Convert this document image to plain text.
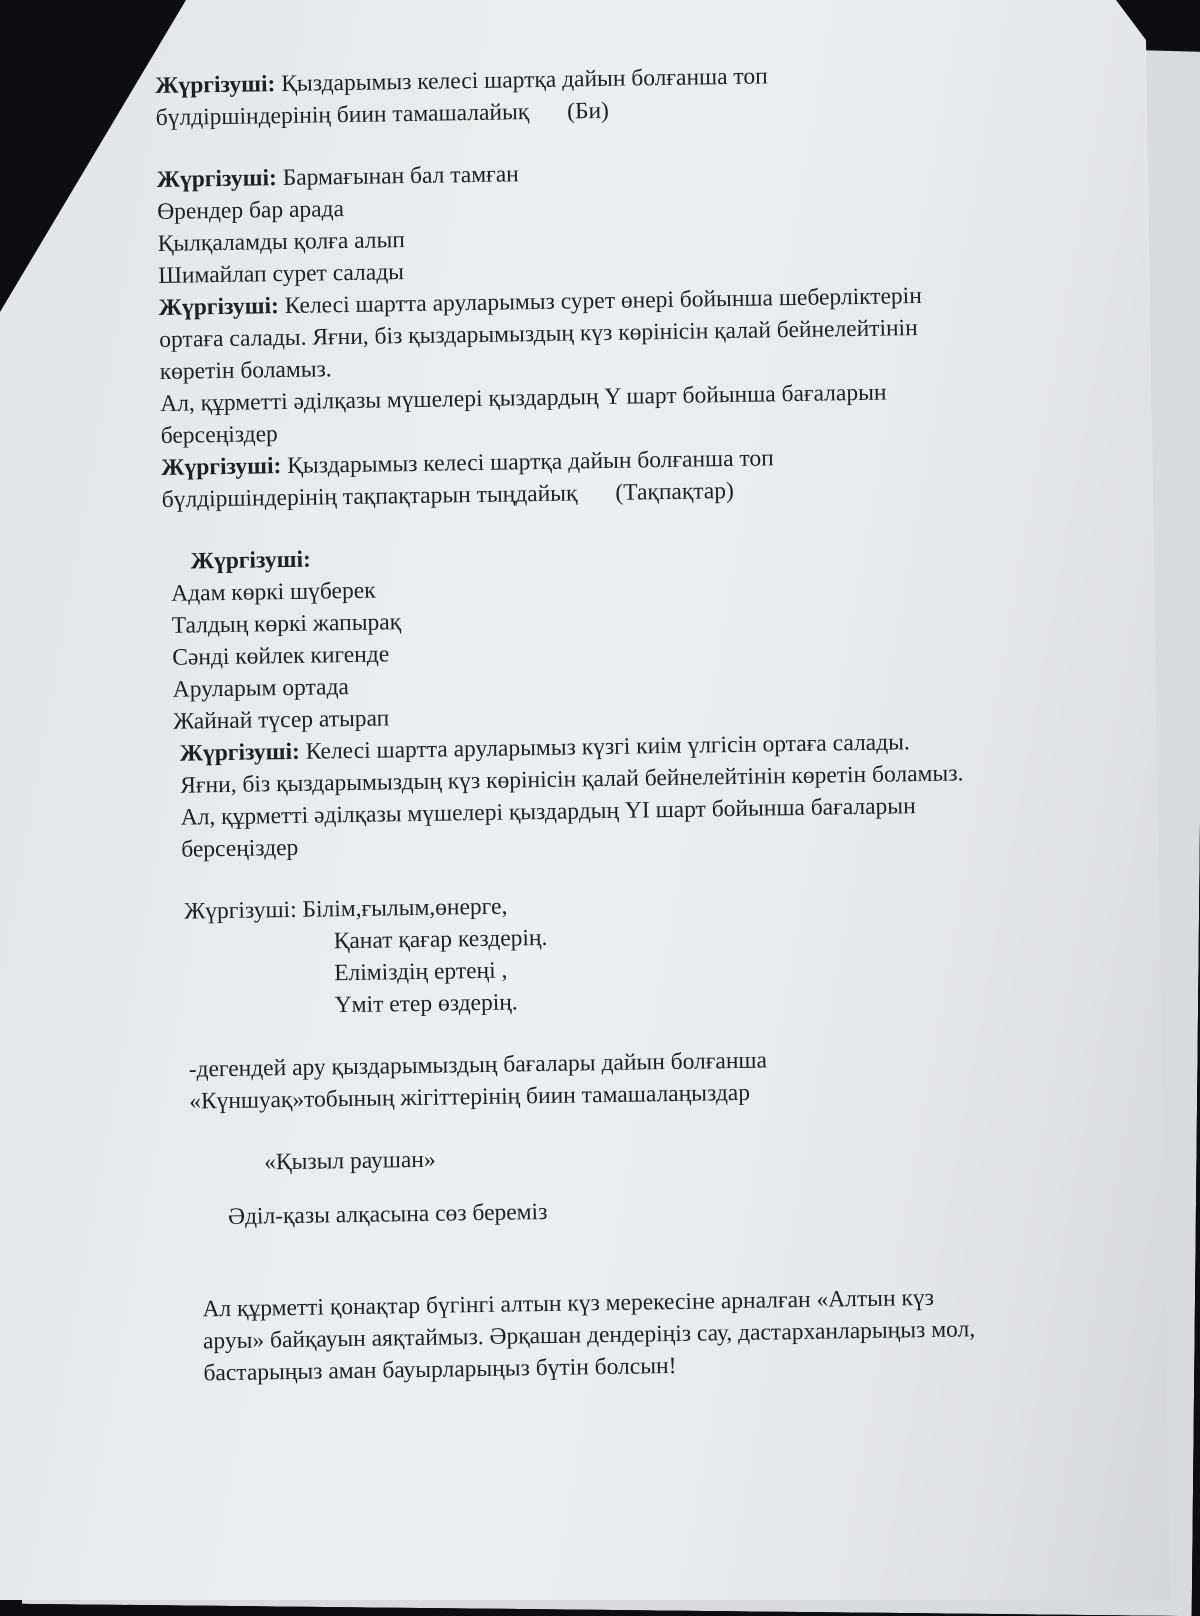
Жүргізуші: Қыздарымыз келесі шартқа дайын болғанша топ

бүлдіршіндерінің биин тамашалайық (Би)

Жүргізуші: Бармағынан бал тамған

Өрендер бар арада

Қылқаламды қолға алып

Шимайлап сурет салады

Жүргізуші: Келесі шартта аруларымыз сурет өнері бойынша шеберліктерін

ортаға салады. Яғни, біз қыздарымыздың күз көрінісін қалай бейнелейтінін

көретін боламыз.

Ал, құрметті әділқазы мүшелері қыздардың Y шарт бойынша бағаларын

берсеңіздер

Жүргізуші: Қыздарымыз келесі шартқа дайын болғанша топ

бүлдіршіндерінің тақпақтарын тыңдайық (Тақпақтар)

Жүргізуші:

Адам көркі шүберек

Талдың көркі жапырақ

Сәнді көйлек кигенде

Аруларым ортада

Жайнай түсер атырап

Жүргізуші: Келесі шартта аруларымыз күзгі киім үлгісін ортаға салады.

Яғни, біз қыздарымыздың күз көрінісін қалай бейнелейтінін көретін боламыз.

Ал, құрметті әділқазы мүшелері қыздардың YI шарт бойынша бағаларын

берсеңіздер

Жүргізуші: Білім,ғылым,өнерге,

Қанат қағар кездерің.

Еліміздің ертеңі ,

Үміт етер өздерің.

-дегендей ару қыздарымыздың бағалары дайын болғанша

«Күншуақ»тобының жігіттерінің биин тамашалаңыздар

«Қызыл раушан»

Әділ-қазы алқасына сөз береміз

Ал құрметті қонақтар бүгінгі алтын күз мерекесіне арналған «Алтын күз

аруы» байқауын аяқтаймыз. Әрқашан дендеріңіз сау, дастарханларыңыз мол,

бастарыңыз аман бауырларыңыз бүтін болсын!
